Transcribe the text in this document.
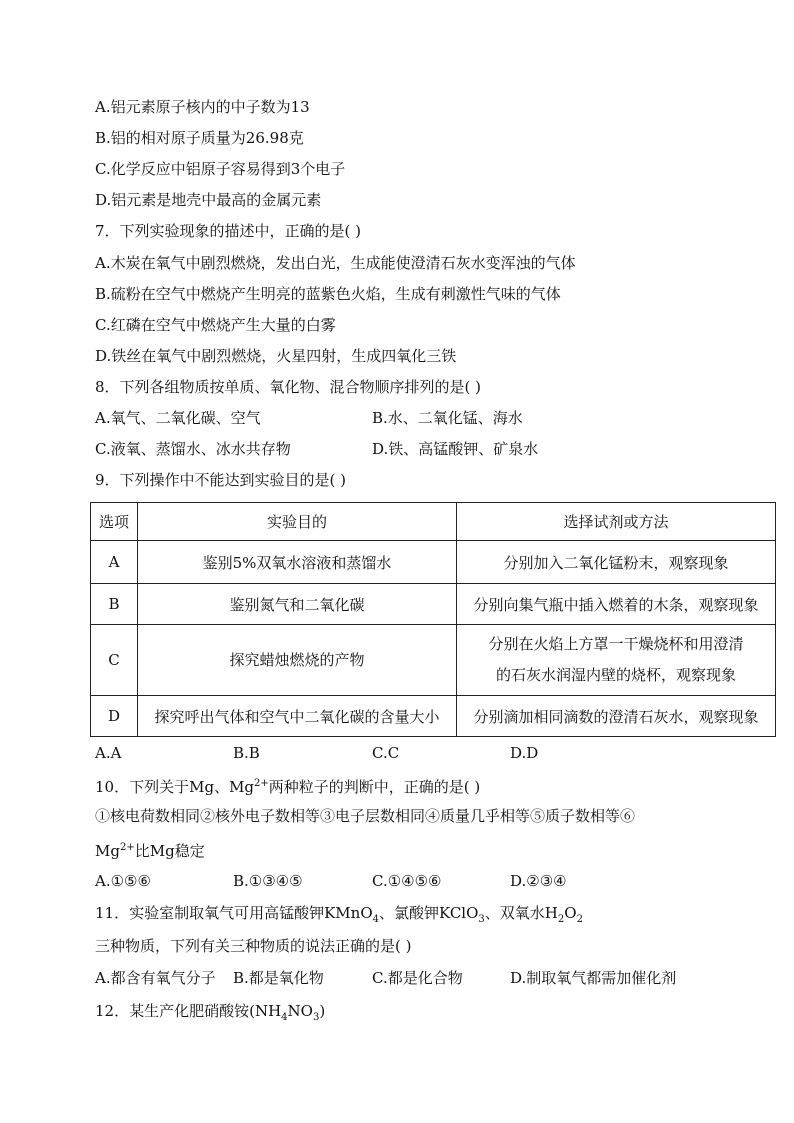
A.铝元素原子核内的中子数为13
B.铝的相对原子质量为26.98克
C.化学反应中铝原子容易得到3个电子
D.铝元素是地壳中最高的金属元素
7．下列实验现象的描述中，正确的是( )
A.木炭在氧气中剧烈燃烧，发出白光，生成能使澄清石灰水变浑浊的气体
B.硫粉在空气中燃烧产生明亮的蓝紫色火焰，生成有刺激性气味的气体
C.红磷在空气中燃烧产生大量的白雾
D.铁丝在氧气中剧烈燃烧，火星四射，生成四氧化三铁
8．下列各组物质按单质、氧化物、混合物顺序排列的是( )
A.氧气、二氧化碳、空气	B.水、二氧化锰、海水
C.液氧、蒸馏水、冰水共存物	D.铁、高锰酸钾、矿泉水
9．下列操作中不能达到实验目的是( )
选项	实验目的	选择试剂或方法
A	鉴别5%双氧水溶液和蒸馏水	分别加入二氧化锰粉末，观察现象
B	鉴别氮气和二氧化碳	分别向集气瓶中插入燃着的木条，观察现象
C	探究蜡烛燃烧的产物	分别在火焰上方罩一干燥烧杯和用澄清
的石灰水润湿内壁的烧杯，观察现象

D	探究呼出气体和空气中二氧化碳的含量大小	分别滴加相同滴数的澄清石灰水，观察现象
A.A	B.B	C.C	D.D
10．下列关于Mg、$Mg^{2+}$两种粒子的判断中，正确的是( )
①核电荷数相同②核外电子数相等③电子层数相同④质量几乎相等⑤质子数相等⑥
$Mg^{2+}$比Mg稳定
A.①⑤⑥	B.①③④⑤	C.①④⑤⑥	D.②③④
11．实验室制取氧气可用高锰酸钾KMnO$_4$、氯酸钾KClO$_3$、双氧水$H_2O_2$
三种物质，下列有关三种物质的说法正确的是( )
A.都含有氧气分子 B.都是氧化物	C.都是化合物	D.制取氧气都需加催化剂
12．某生产化肥硝酸铵$(NH_4NO_3)$
